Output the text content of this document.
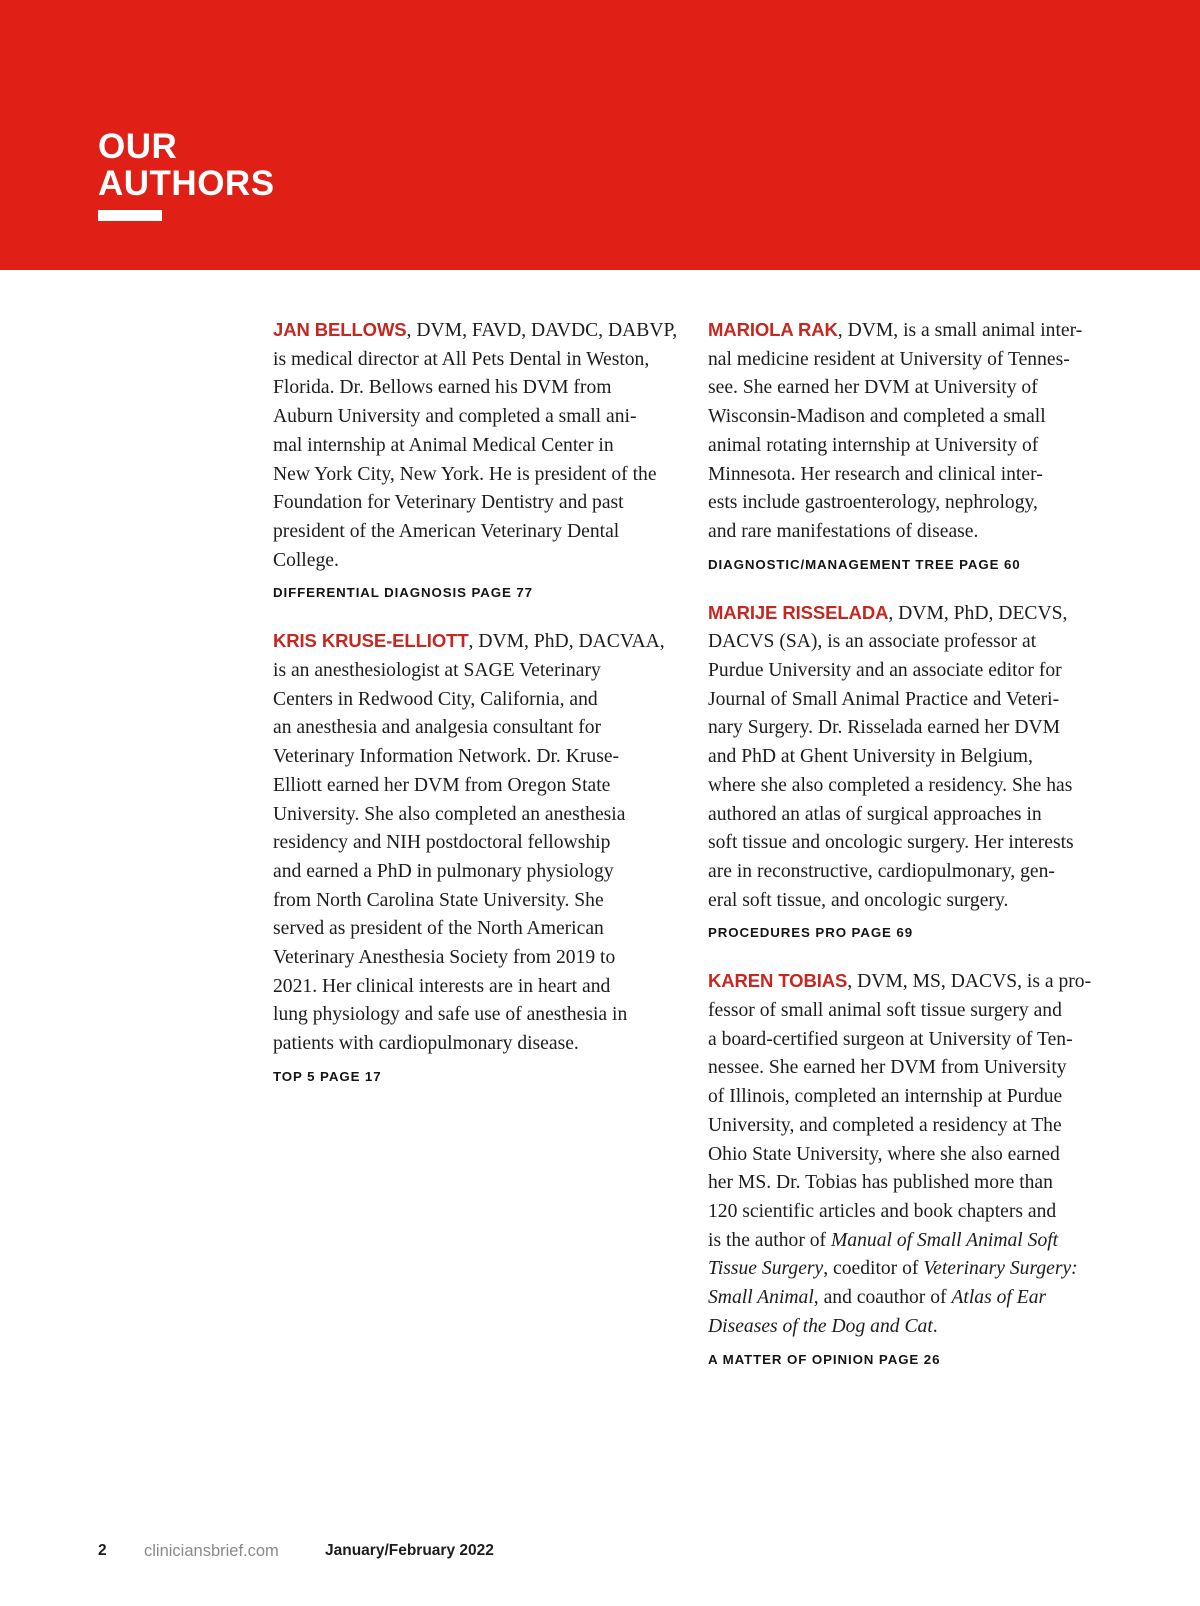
OUR
AUTHORS

JAN BELLOWS, DVM, FAVD, DAVDC, DABVP,
is medical director at All Pets Dental in Weston,
Florida. Dr. Bellows earned his DVM from
Auburn University and completed a small ani-
mal internship at Animal Medical Center in
New York City, New York. He is president of the
Foundation for Veterinary Dentistry and past
president of the American Veterinary Dental
College.

DIFFERENTIAL DIAGNOSIS PAGE 77

KRIS KRUSE-ELLIOTT, DVM, PhD, DACVAA,
is an anesthesiologist at SAGE Veterinary
Centers in Redwood City, California, and
an anesthesia and analgesia consultant for
Veterinary Information Network. Dr. Kruse-
Elliott earned her DVM from Oregon State
University. She also completed an anesthesia
residency and NIH postdoctoral fellowship
and earned a PhD in pulmonary physiology
from North Carolina State University. She
served as president of the North American
Veterinary Anesthesia Society from 2019 to
2021. Her clinical interests are in heart and
lung physiology and safe use of anesthesia in
patients with cardiopulmonary disease.

TOP 5 PAGE 17

MARIOLA RAK, DVM, is a small animal inter-
nal medicine resident at University of Tennes-
see. She earned her DVM at University of
Wisconsin-Madison and completed a small
animal rotating internship at University of
Minnesota. Her research and clinical inter-
ests include gastroenterology, nephrology,
and rare manifestations of disease.

DIAGNOSTIC/MANAGEMENT TREE PAGE 60

MARIJE RISSELADA, DVM, PhD, DECVS,
DACVS (SA), is an associate professor at
Purdue University and an associate editor for
Journal of Small Animal Practice and Veteri-
nary Surgery. Dr. Risselada earned her DVM
and PhD at Ghent University in Belgium,
where she also completed a residency. She has
authored an atlas of surgical approaches in
soft tissue and oncologic surgery. Her interests
are in reconstructive, cardiopulmonary, gen-
eral soft tissue, and oncologic surgery.

PROCEDURES PRO PAGE 69

KAREN TOBIAS, DVM, MS, DACVS, is a pro-
fessor of small animal soft tissue surgery and
a board-certified surgeon at University of Ten-
nessee. She earned her DVM from University
of Illinois, completed an internship at Purdue
University, and completed a residency at The
Ohio State University, where she also earned
her MS. Dr. Tobias has published more than
120 scientific articles and book chapters and
is the author of Manual of Small Animal Soft
Tissue Surgery, coeditor of Veterinary Surgery:
Small Animal, and coauthor of Atlas of Ear
Diseases of the Dog and Cat.

A MATTER OF OPINION PAGE 26
2 cliniciansbrief.com	January/February 2022
